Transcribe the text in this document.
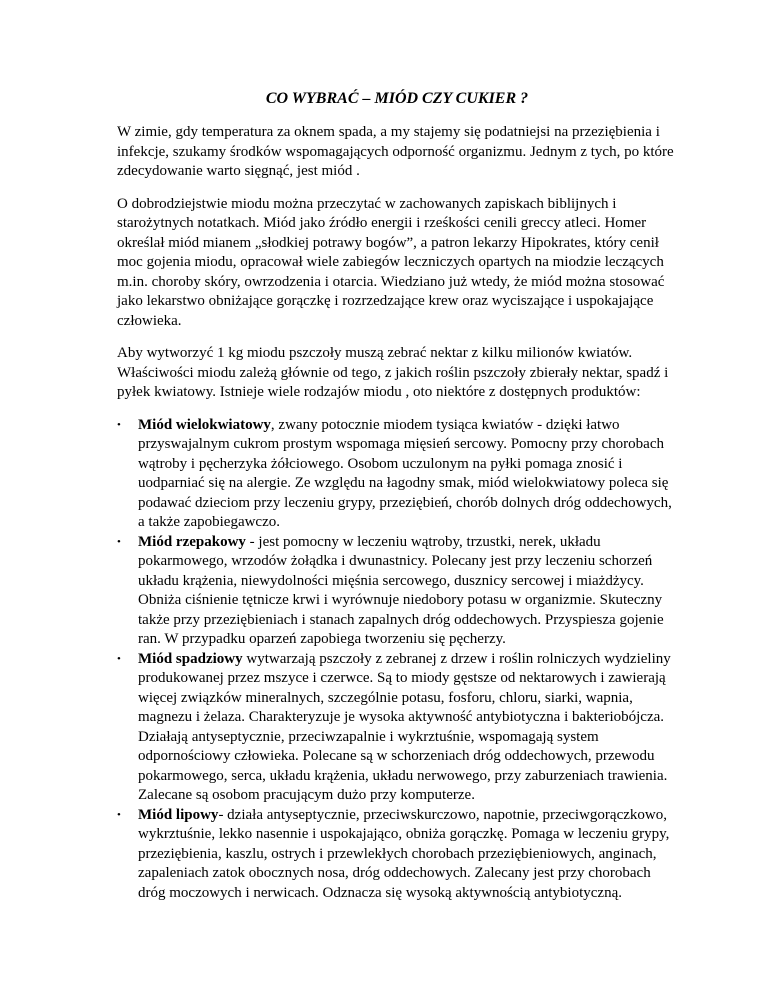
CO WYBRAĆ – MIÓD CZY CUKIER ?

W zimie, gdy temperatura za oknem spada, a my stajemy się podatniejsi na przeziębienia i infekcje, szukamy środków wspomagających odporność organizmu. Jednym z tych, po które zdecydowanie warto sięgnąć, jest miód .

O dobrodziejstwie miodu można przeczytać w zachowanych zapiskach biblijnych i starożytnych notatkach. Miód jako źródło energii i rześkości cenili greccy atleci. Homer określał miód mianem „słodkiej potrawy bogów”, a patron lekarzy Hipokrates, który cenił moc gojenia miodu, opracował wiele zabiegów leczniczych opartych na miodzie leczących m.in. choroby skóry, owrzodzenia i otarcia. Wiedziano już wtedy, że miód można stosować jako lekarstwo obniżające gorączkę i rozrzedzające krew oraz wyciszające i uspokajające człowieka.

Aby wytworzyć 1 kg miodu pszczoły muszą zebrać nektar z kilku milionów kwiatów. Właściwości miodu zależą głównie od tego, z jakich roślin pszczoły zbierały nektar, spadź i pyłek kwiatowy. Istnieje wiele rodzajów miodu , oto niektóre z dostępnych produktów:

•	Miód wielokwiatowy, zwany potocznie miodem tysiąca kwiatów - dzięki łatwo przyswajalnym cukrom prostym wspomaga mięsień sercowy. Pomocny przy chorobach wątroby i pęcherzyka żółciowego. Osobom uczulonym na pyłki pomaga znosić i uodparniać się na alergie. Ze względu na łagodny smak, miód wielokwiatowy poleca się podawać dzieciom przy leczeniu grypy, przeziębień, chorób dolnych dróg oddechowych, a także zapobiegawczo.
•	Miód rzepakowy - jest pomocny w leczeniu wątroby, trzustki, nerek, układu pokarmowego, wrzodów żołądka i dwunastnicy. Polecany jest przy leczeniu schorzeń układu krążenia, niewydolności mięśnia sercowego, dusznicy sercowej i miażdżycy. Obniża ciśnienie tętnicze krwi i wyrównuje niedobory potasu w organizmie. Skuteczny także przy przeziębieniach i stanach zapalnych dróg oddechowych. Przyspiesza gojenie ran. W przypadku oparzeń zapobiega tworzeniu się pęcherzy.
•	Miód spadziowy wytwarzają pszczoły z zebranej z drzew i roślin rolniczych wydzieliny produkowanej przez mszyce i czerwce. Są to miody gęstsze od nektarowych i zawierają więcej związków mineralnych, szczególnie potasu, fosforu, chloru, siarki, wapnia, magnezu i żelaza. Charakteryzuje je wysoka aktywność antybiotyczna i bakteriobójcza. Działają antyseptycznie, przeciwzapalnie i wykrztuśnie, wspomagają system odpornościowy człowieka. Polecane są w schorzeniach dróg oddechowych, przewodu pokarmowego, serca, układu krążenia, układu nerwowego, przy zaburzeniach trawienia. Zalecane są osobom pracującym dużo przy komputerze.
•	Miód lipowy- działa antyseptycznie, przeciwskurczowo, napotnie, przeciwgorączkowo, wykrztuśnie, lekko nasennie i uspokajająco, obniża gorączkę. Pomaga w leczeniu grypy, przeziębienia, kaszlu, ostrych i przewlekłych chorobach przeziębieniowych, anginach, zapaleniach zatok obocznych nosa, dróg oddechowych. Zalecany jest przy chorobach dróg moczowych i nerwicach. Odznacza się wysoką aktywnością antybiotyczną.
